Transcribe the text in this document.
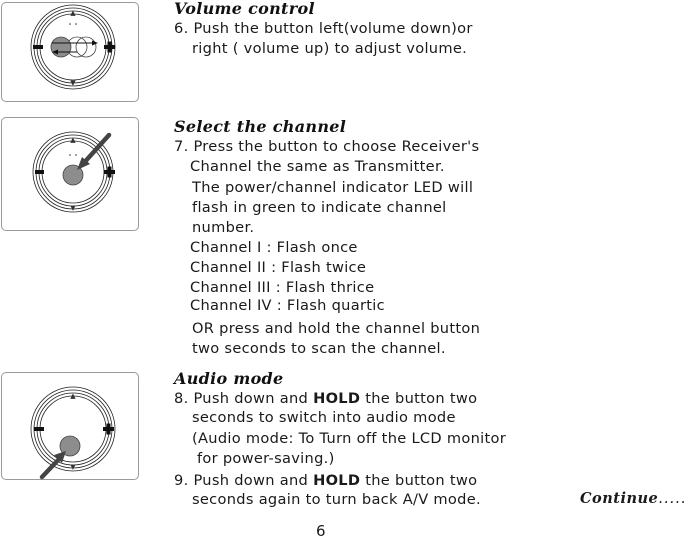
▲
▼
Volume control

6. Push the button left(volume down)or

right ( volume up) to adjust volume.

▲
▼
Select the channel

7. Press the button to choose Receiver's

Channel the same as Transmitter.

The power/channel indicator LED will

flash in green to indicate channel

number.

Channel I : Flash once

Channel II : Flash twice

Channel III : Flash thrice

Channel IV : Flash quartic

OR press and hold the channel button

two seconds to scan the channel.

▲
▼
Audio mode

8. Push down and HOLD the button two

seconds to switch into audio mode

(Audio mode: To Turn off the LCD monitor

for power-saving.)

9. Push down and HOLD the button two

seconds again to turn back A/V mode.	Continue.....

6
